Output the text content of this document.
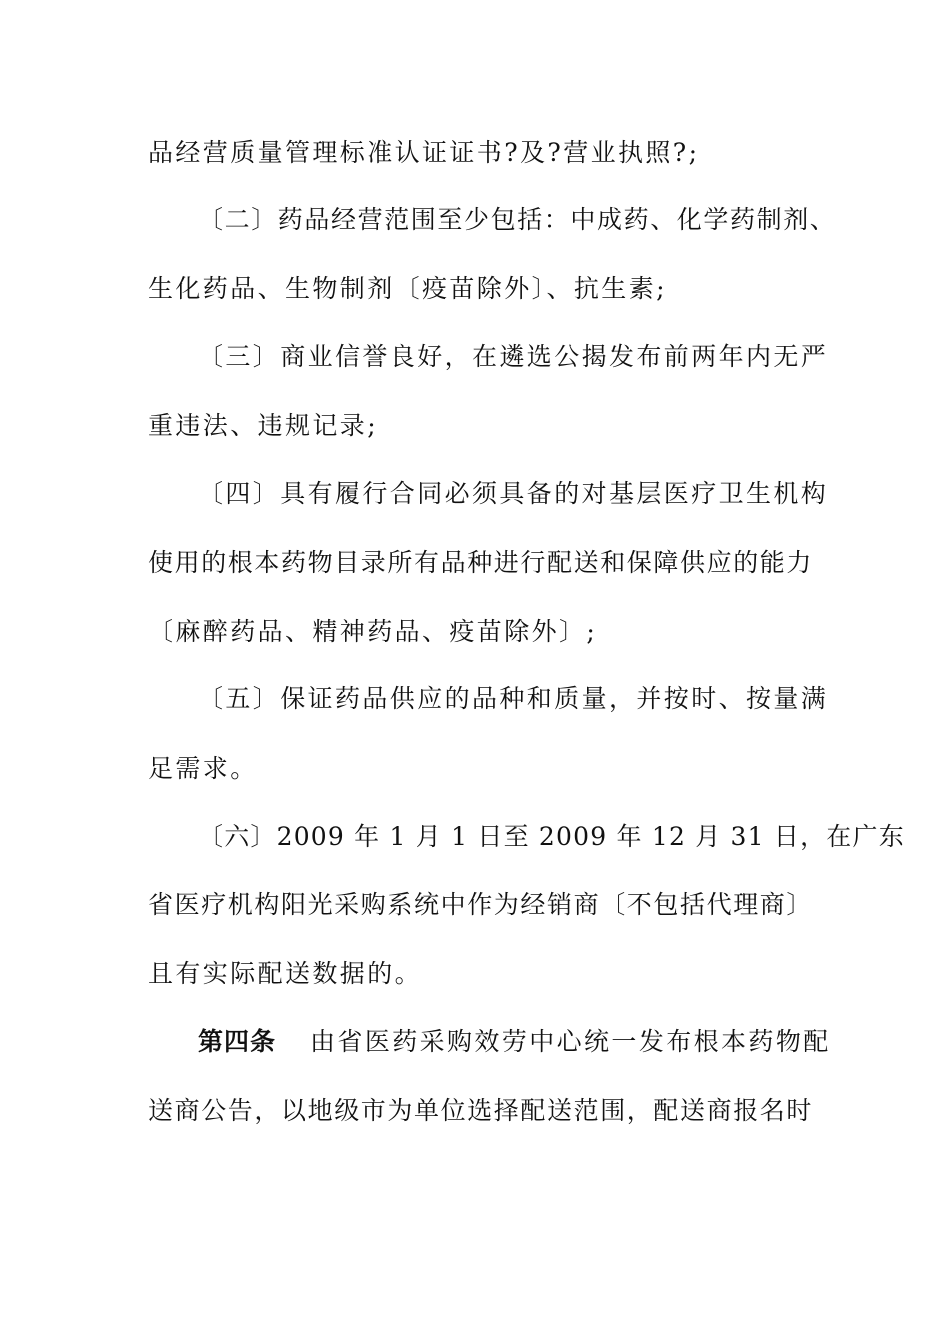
品经营质量管理标准认证证书?及?营业执照?;
〔二〕药品经营范围至少包括：中成药、化学药制剂、
生化药品、生物制剂〔疫苗除外〕、抗生素;
〔三〕商业信誉良好，在遴选公揭发布前两年内无严
重违法、违规记录;
〔四〕具有履行合同必须具备的对基层医疗卫生机构
使用的根本药物目录所有品种进行配送和保障供应的能力
〔麻醉药品、精神药品、疫苗除外〕;
〔五〕保证药品供应的品种和质量，并按时、按量满
足需求。
〔六〕2009 年 1 月 1 日至 2009 年 12 月 31 日，在广东
省医疗机构阳光采购系统中作为经销商〔不包括代理商〕
且有实际配送数据的。
第四条 由省医药采购效劳中心统一发布根本药物配
送商公告，以地级市为单位选择配送范围，配送商报名时
